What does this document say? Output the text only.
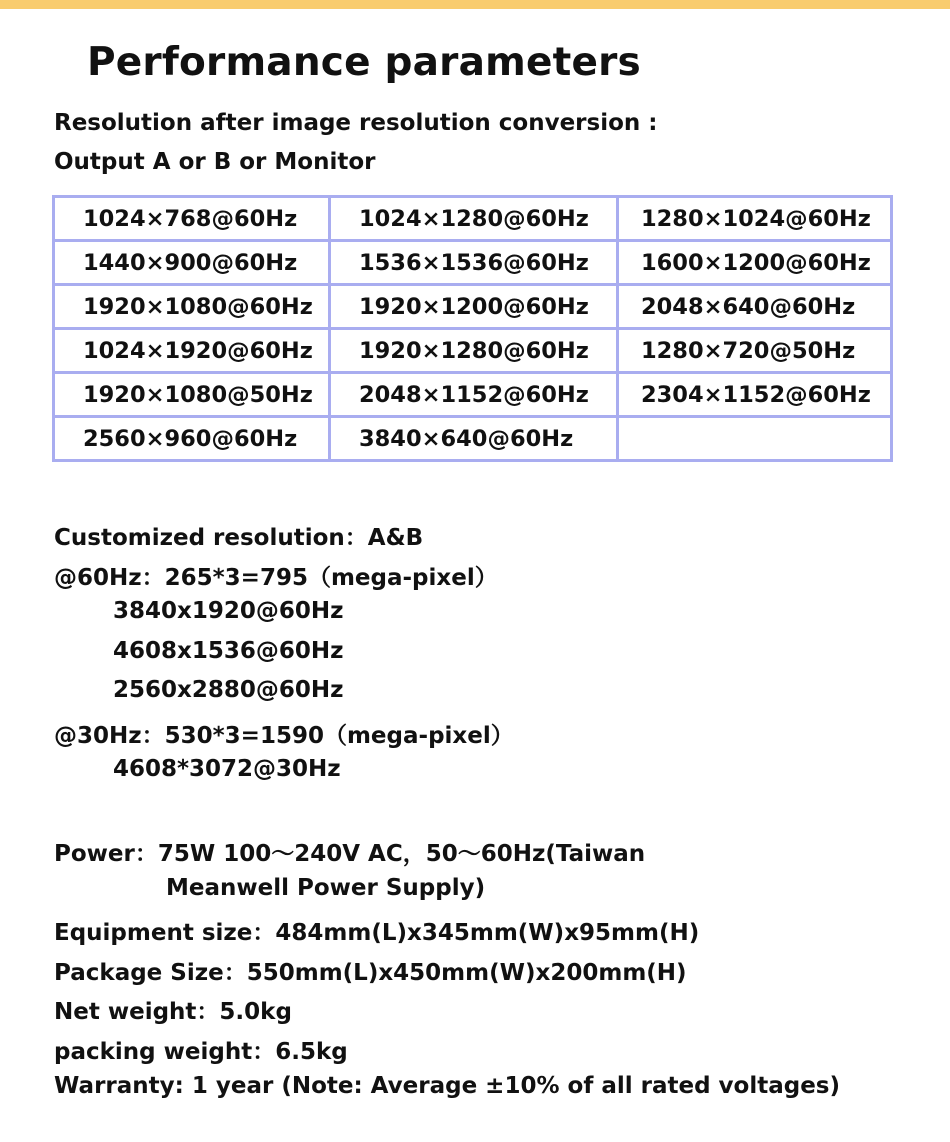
Performance parameters
Resolution after image resolution conversion :
Output A or B or Monitor
1024×768@60Hz	1024×1280@60Hz	1280×1024@60Hz
1440×900@60Hz	1536×1536@60Hz	1600×1200@60Hz
1920×1080@60Hz	1920×1200@60Hz	2048×640@60Hz
1024×1920@60Hz	1920×1280@60Hz	1280×720@50Hz
1920×1080@50Hz	2048×1152@60Hz	2304×1152@60Hz
2560×960@60Hz	3840×640@60Hz	
Customized resolution：A&B
@60Hz：265*3=795（mega-pixel）
3840x1920@60Hz
4608x1536@60Hz
2560x2880@60Hz
@30Hz：530*3=1590（mega-pixel）
4608*3072@30Hz
Power：75W 100～240V AC，50～60Hz(Taiwan
Meanwell Power Supply)
Equipment size：484mm(L)x345mm(W)x95mm(H)
Package Size：550mm(L)x450mm(W)x200mm(H)
Net weight：5.0kg
packing weight：6.5kg
Warranty: 1 year (Note: Average ±10% of all rated voltages)
